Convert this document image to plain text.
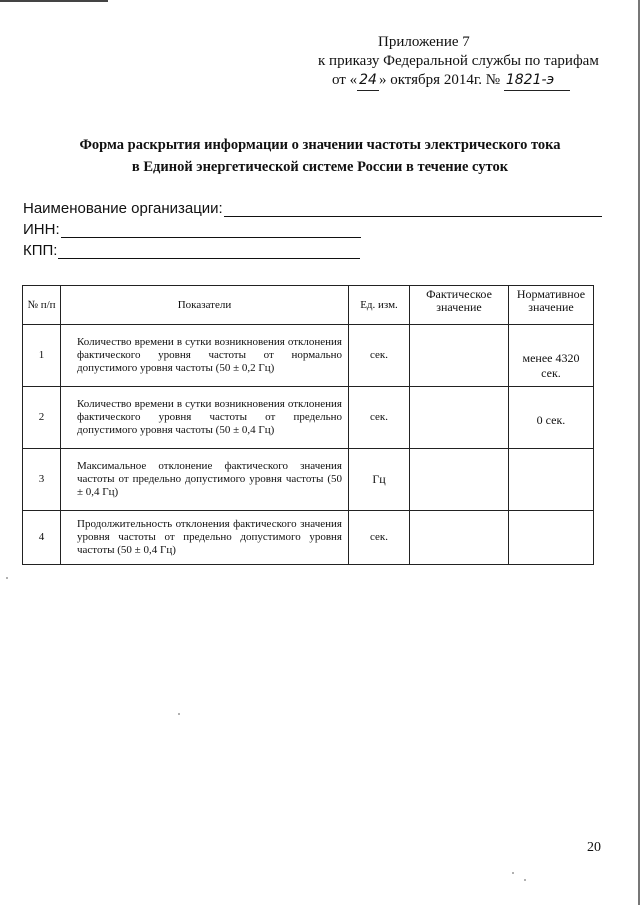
Приложение 7
к приказу Федеральной службы по тарифам
от « 24 » октября 2014г. № 1821-э
Форма раскрытия информации о значении частоты электрического тока
в Единой энергетической системе России в течение суток
Наименование организации:
ИНН:
КПП:
№ п/п	Показатели	Ед. изм.	Фактическое значение	Нормативное значение
1	Количество времени в сутки возникновения отклонения фактического уровня частоты от нормально допустимого уровня частоты (50 ± 0,2 Гц)	сек.		менее 4320 сек.
2	Количество времени в сутки возникновения отклонения фактического уровня частоты от предельно допустимого уровня частоты (50 ± 0,4 Гц)	сек.		0 сек.
3	Максимальное отклонение фактического значения частоты от предельно допустимого уровня частоты (50 ± 0,4 Гц)	Гц		
4	Продолжительность отклонения фактического значения уровня частоты от предельно допустимого уровня частоты (50 ± 0,4 Гц)	сек.		
20
